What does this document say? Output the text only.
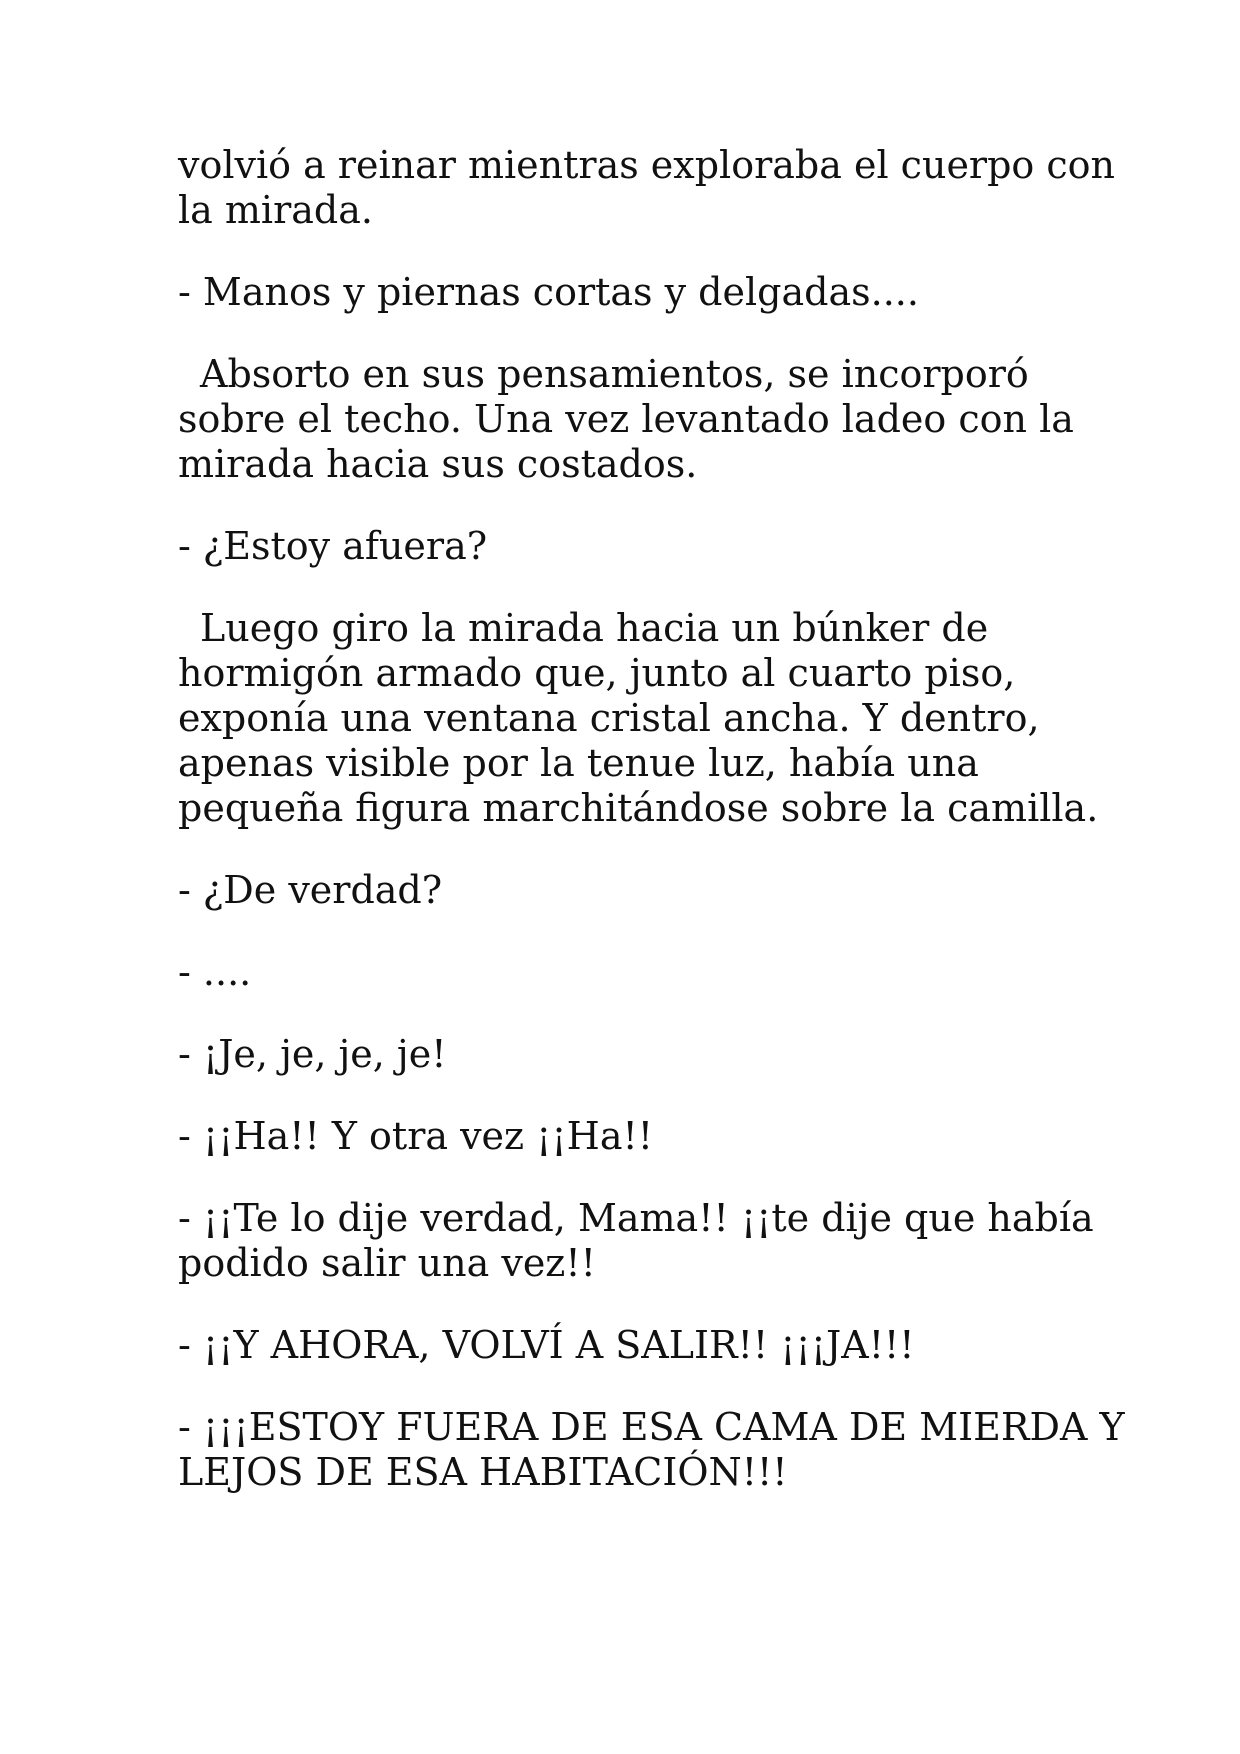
volvió a reinar mientras exploraba el cuerpo con
la mirada.

- Manos y piernas cortas y delgadas....

Absorto en sus pensamientos, se incorporó
sobre el techo. Una vez levantado ladeo con la
mirada hacia sus costados.

- ¿Estoy afuera?

Luego giro la mirada hacia un búnker de
hormigón armado que, junto al cuarto piso,
exponía una ventana cristal ancha. Y dentro,
apenas visible por la tenue luz, había una
pequeña figura marchitándose sobre la camilla.

- ¿De verdad?

- ....

- ¡Je, je, je, je!

- ¡¡Ha!! Y otra vez ¡¡Ha!!

- ¡¡Te lo dije verdad, Mama!! ¡¡te dije que había
podido salir una vez!!

- ¡¡Y AHORA, VOLVÍ A SALIR!! ¡¡¡JA!!!

- ¡¡¡ESTOY FUERA DE ESA CAMA DE MIERDA Y
LEJOS DE ESA HABITACIÓN!!!
